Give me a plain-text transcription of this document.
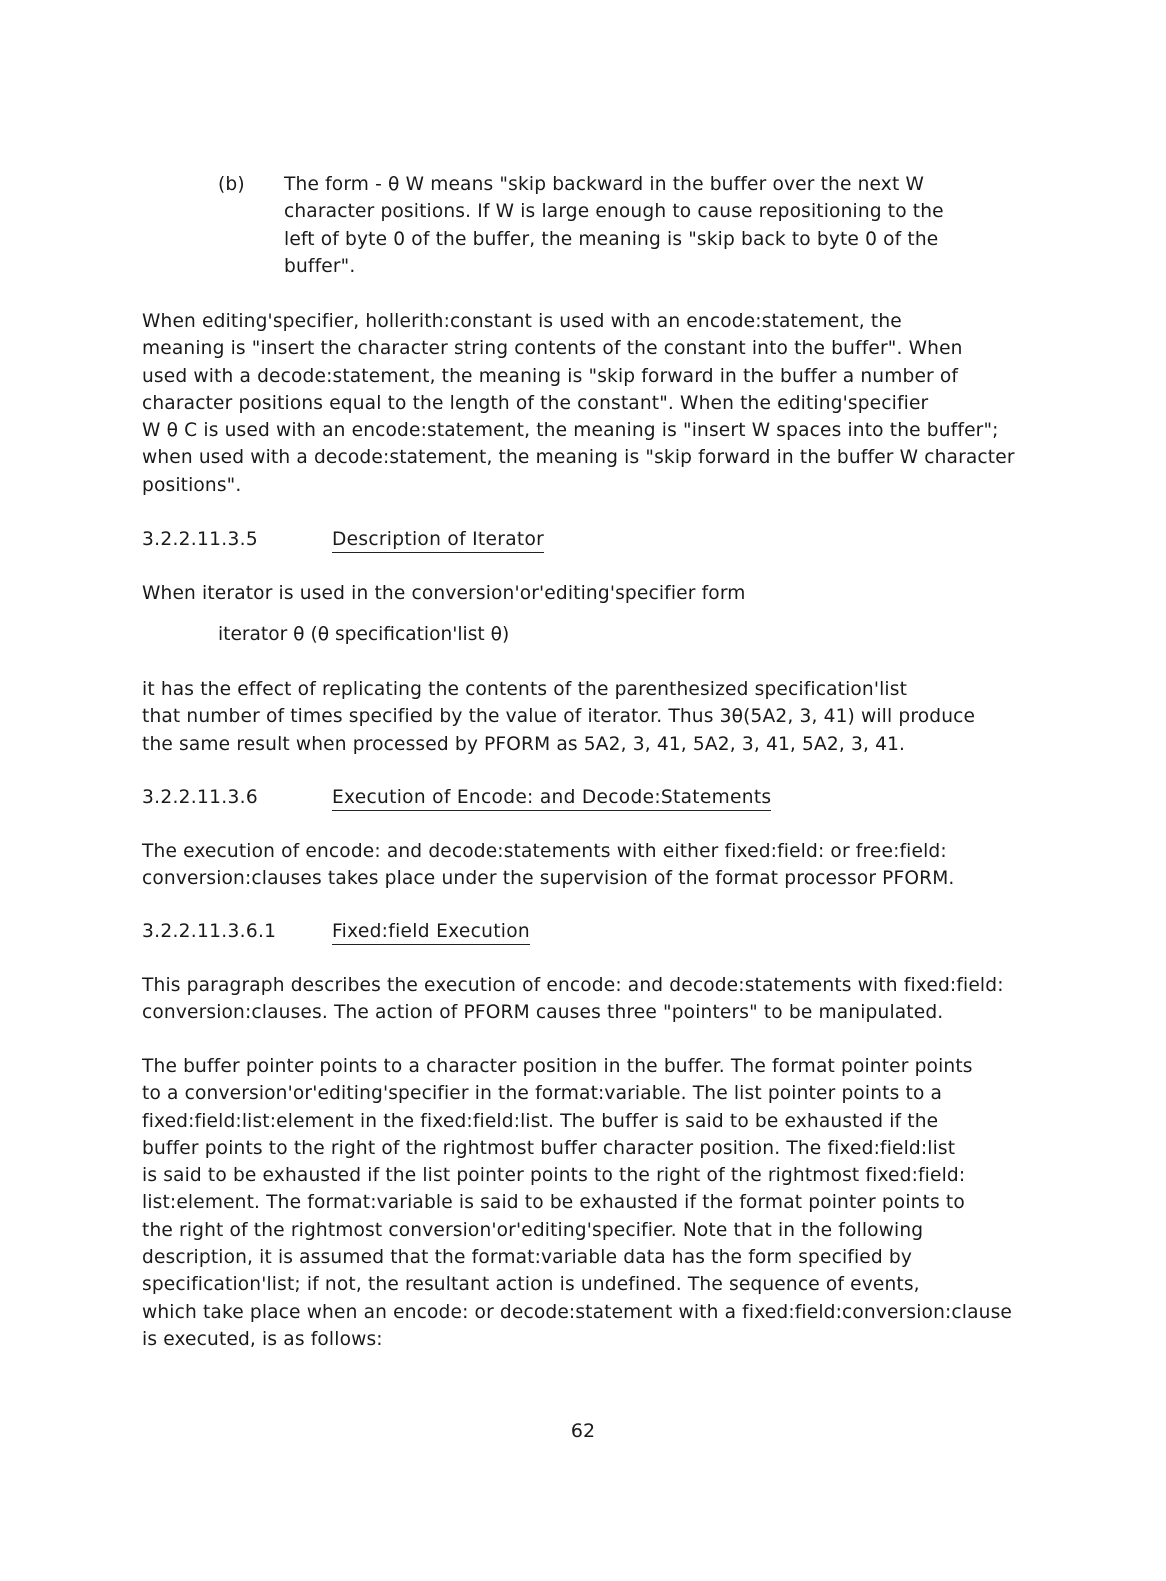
(b) The form - θ W means "skip backward in the buffer over the next W
character positions. If W is large enough to cause repositioning to the
left of byte 0 of the buffer, the meaning is "skip back to byte 0 of the
buffer".
When editing'specifier, hollerith:constant is used with an encode:statement, the
meaning is "insert the character string contents of the constant into the buffer". When
used with a decode:statement, the meaning is "skip forward in the buffer a number of
character positions equal to the length of the constant". When the editing'specifier
W θ C is used with an encode:statement, the meaning is "insert W spaces into the buffer";
when used with a decode:statement, the meaning is "skip forward in the buffer W character
positions".
3.2.2.11.3.5	Description of Iterator
When iterator is used in the conversion'or'editing'specifier form
iterator θ (θ specification'list θ)
it has the effect of replicating the contents of the parenthesized specification'list
that number of times specified by the value of iterator. Thus 3θ(5A2, 3, 41) will produce
the same result when processed by PFORM as 5A2, 3, 41, 5A2, 3, 41, 5A2, 3, 41.
3.2.2.11.3.6	Execution of Encode: and Decode:Statements
The execution of encode: and decode:statements with either fixed:field: or free:field:
conversion:clauses takes place under the supervision of the format processor PFORM.
3.2.2.11.3.6.1	Fixed:field Execution
This paragraph describes the execution of encode: and decode:statements with fixed:field:
conversion:clauses. The action of PFORM causes three "pointers" to be manipulated.
The buffer pointer points to a character position in the buffer. The format pointer points
to a conversion'or'editing'specifier in the format:variable. The list pointer points to a
fixed:field:list:element in the fixed:field:list. The buffer is said to be exhausted if the
buffer points to the right of the rightmost buffer character position. The fixed:field:list
is said to be exhausted if the list pointer points to the right of the rightmost fixed:field:
list:element. The format:variable is said to be exhausted if the format pointer points to
the right of the rightmost conversion'or'editing'specifier. Note that in the following
description, it is assumed that the format:variable data has the form specified by
specification'list; if not, the resultant action is undefined. The sequence of events,
which take place when an encode: or decode:statement with a fixed:field:conversion:clause
is executed, is as follows:
62
